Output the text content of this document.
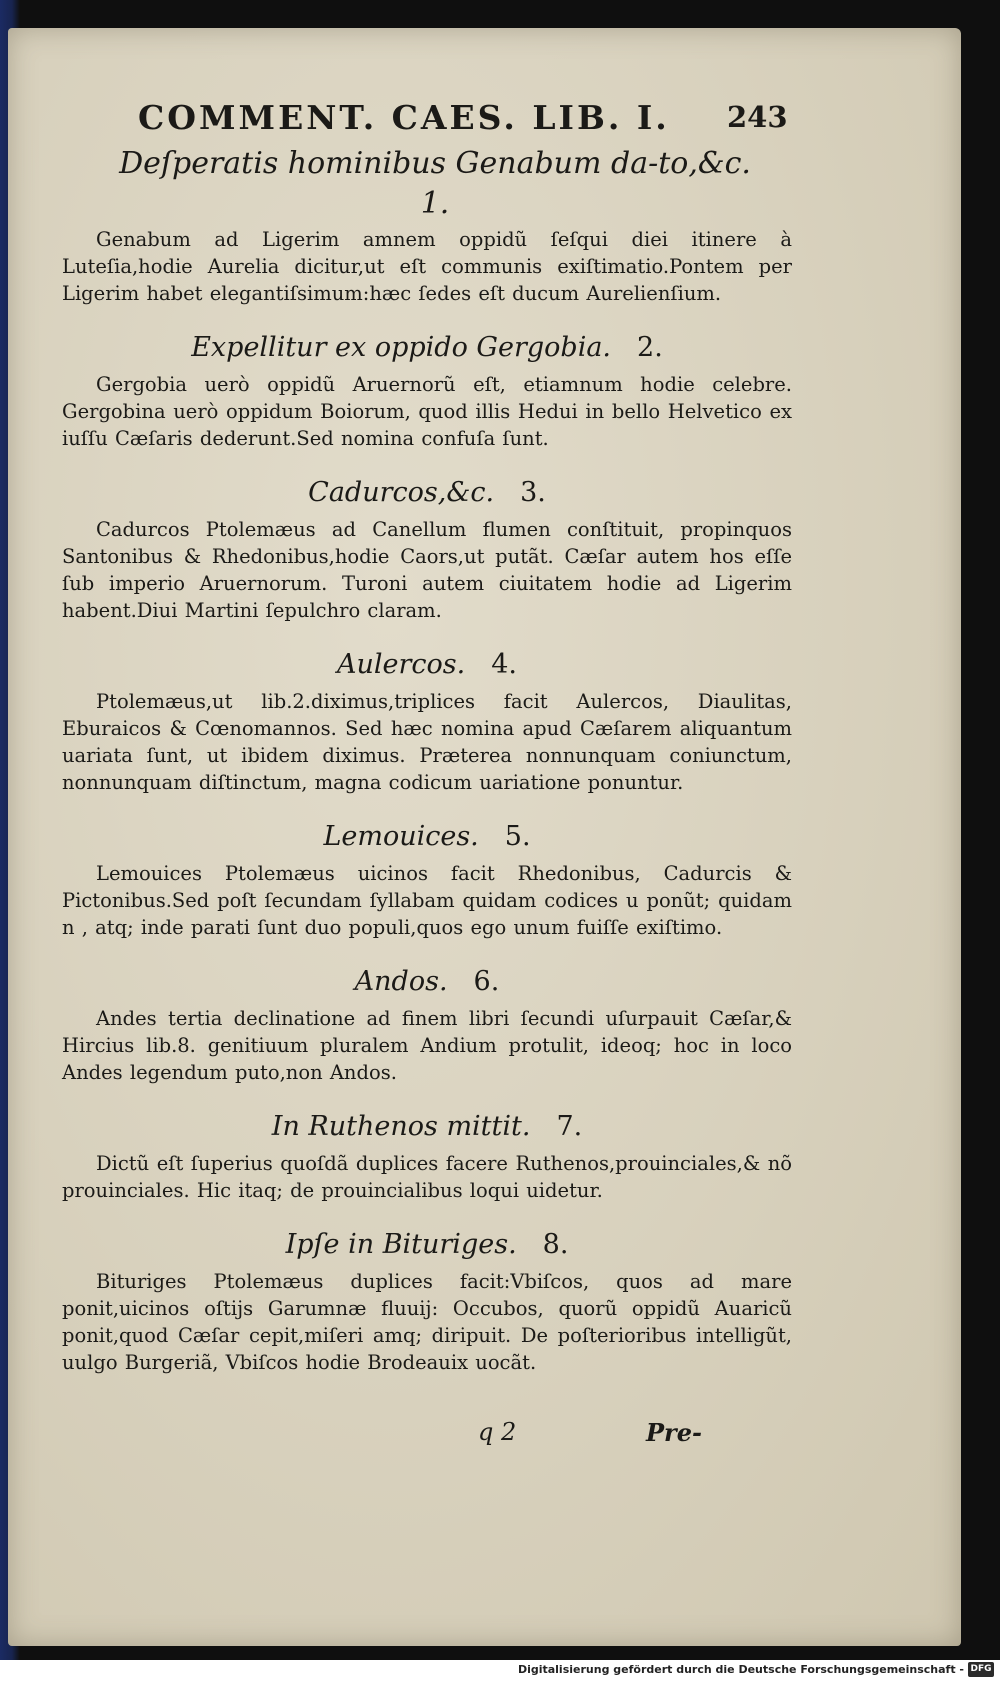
COMMENT. CAES. LIB. I. 243
Deſperatis hominibus Genabum da-to,&c. 1.

Genabum ad Ligerim amnem oppidũ ſeſqui diei itinere à Luteſia,hodie Aurelia dicitur,ut eſt communis exiſtimatio.Pontem per Ligerim habet elegantiſsimum:hæc ſedes eſt ducum Aurelienſium.

Expellitur ex oppido Gergobia. 2.

Gergobia uerò oppidũ Aruernorũ eſt, etiamnum hodie celebre. Gergobina uerò oppidum Boiorum, quod illis Hedui in bello Helvetico ex iuſſu Cæſaris dederunt.Sed nomina confuſa ſunt.

Cadurcos,&c. 3.

Cadurcos Ptolemæus ad Canellum flumen conſtituit, propinquos Santonibus & Rhedonibus,hodie Caors,ut putãt. Cæſar autem hos eſſe ſub imperio Aruernorum. Turoni autem ciuitatem hodie ad Ligerim habent.Diui Martini ſepulchro claram.

Aulercos. 4.

Ptolemæus,ut lib.2.diximus,triplices facit Aulercos, Diaulitas, Eburaicos & Cœnomannos. Sed hæc nomina apud Cæſarem aliquantum uariata ſunt, ut ibidem diximus. Præterea nonnunquam coniunctum, nonnunquam diſtinctum, magna codicum uariatione ponuntur.

Lemouices. 5.

Lemouices Ptolemæus uicinos facit Rhedonibus, Cadurcis & Pictonibus.Sed poſt ſecundam ſyllabam quidam codices u ponũt; quidam n , atq; inde parati ſunt duo populi,quos ego unum fuiſſe exiſtimo.

Andos. 6.

Andes tertia declinatione ad finem libri ſecundi uſurpauit Cæſar,& Hircius lib.8. genitiuum pluralem Andium protulit, ideoq; hoc in loco Andes legendum puto,non Andos.

In Ruthenos mittit. 7.

Dictũ eſt ſuperius quoſdã duplices facere Ruthenos,prouinciales,& nõ prouinciales. Hic itaq; de prouincialibus loqui uidetur.

Ipſe in Bituriges. 8.

Bituriges Ptolemæus duplices facit:Vbiſcos, quos ad mare ponit,uicinos oſtijs Garumnæ fluuij: Occubos, quorũ oppidũ Auaricũ ponit,quod Cæſar cepit,miſeri amq; diripuit. De poſterioribus intelligũt, uulgo Burgeriã, Vbiſcos hodie Brodeauix uocãt.

q 2	Pre-
Digitalisierung gefördert durch die Deutsche Forschungsgemeinschaft - DFG
